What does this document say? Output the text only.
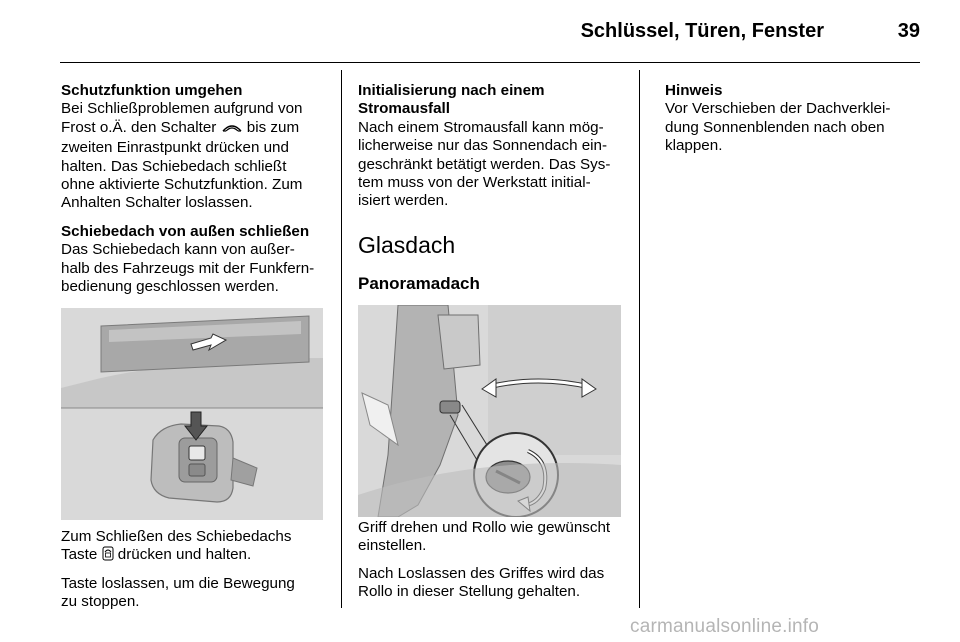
Schlüssel, Türen, Fenster	39

Schutzfunktion umgehen

Bei Schließproblemen aufgrund von
Frost o.Ä. den Schalter bis zum
zweiten Einrastpunkt drücken und
halten. Das Schiebedach schließt
ohne aktivierte Schutzfunktion. Zum
Anhalten Schalter loslassen.

Schiebedach von außen schließen

Das Schiebedach kann von außer-
halb des Fahrzeugs mit der Funkfern-
bedienung geschlossen werden.

Zum Schließen des Schiebedachs
Taste drücken und halten.

Taste loslassen, um die Bewegung
zu stoppen.

Initialisierung nach einem
Stromausfall

Nach einem Stromausfall kann mög-
licherweise nur das Sonnendach ein-
geschränkt betätigt werden. Das Sys-
tem muss von der Werkstatt initial-
isiert werden.

Glasdach
Panoramadach

Griff drehen und Rollo wie gewünscht
einstellen.

Nach Loslassen des Griffes wird das
Rollo in dieser Stellung gehalten.

Hinweis

Vor Verschieben der Dachverklei-
dung Sonnenblenden nach oben
klappen.

carmanualsonline.info
